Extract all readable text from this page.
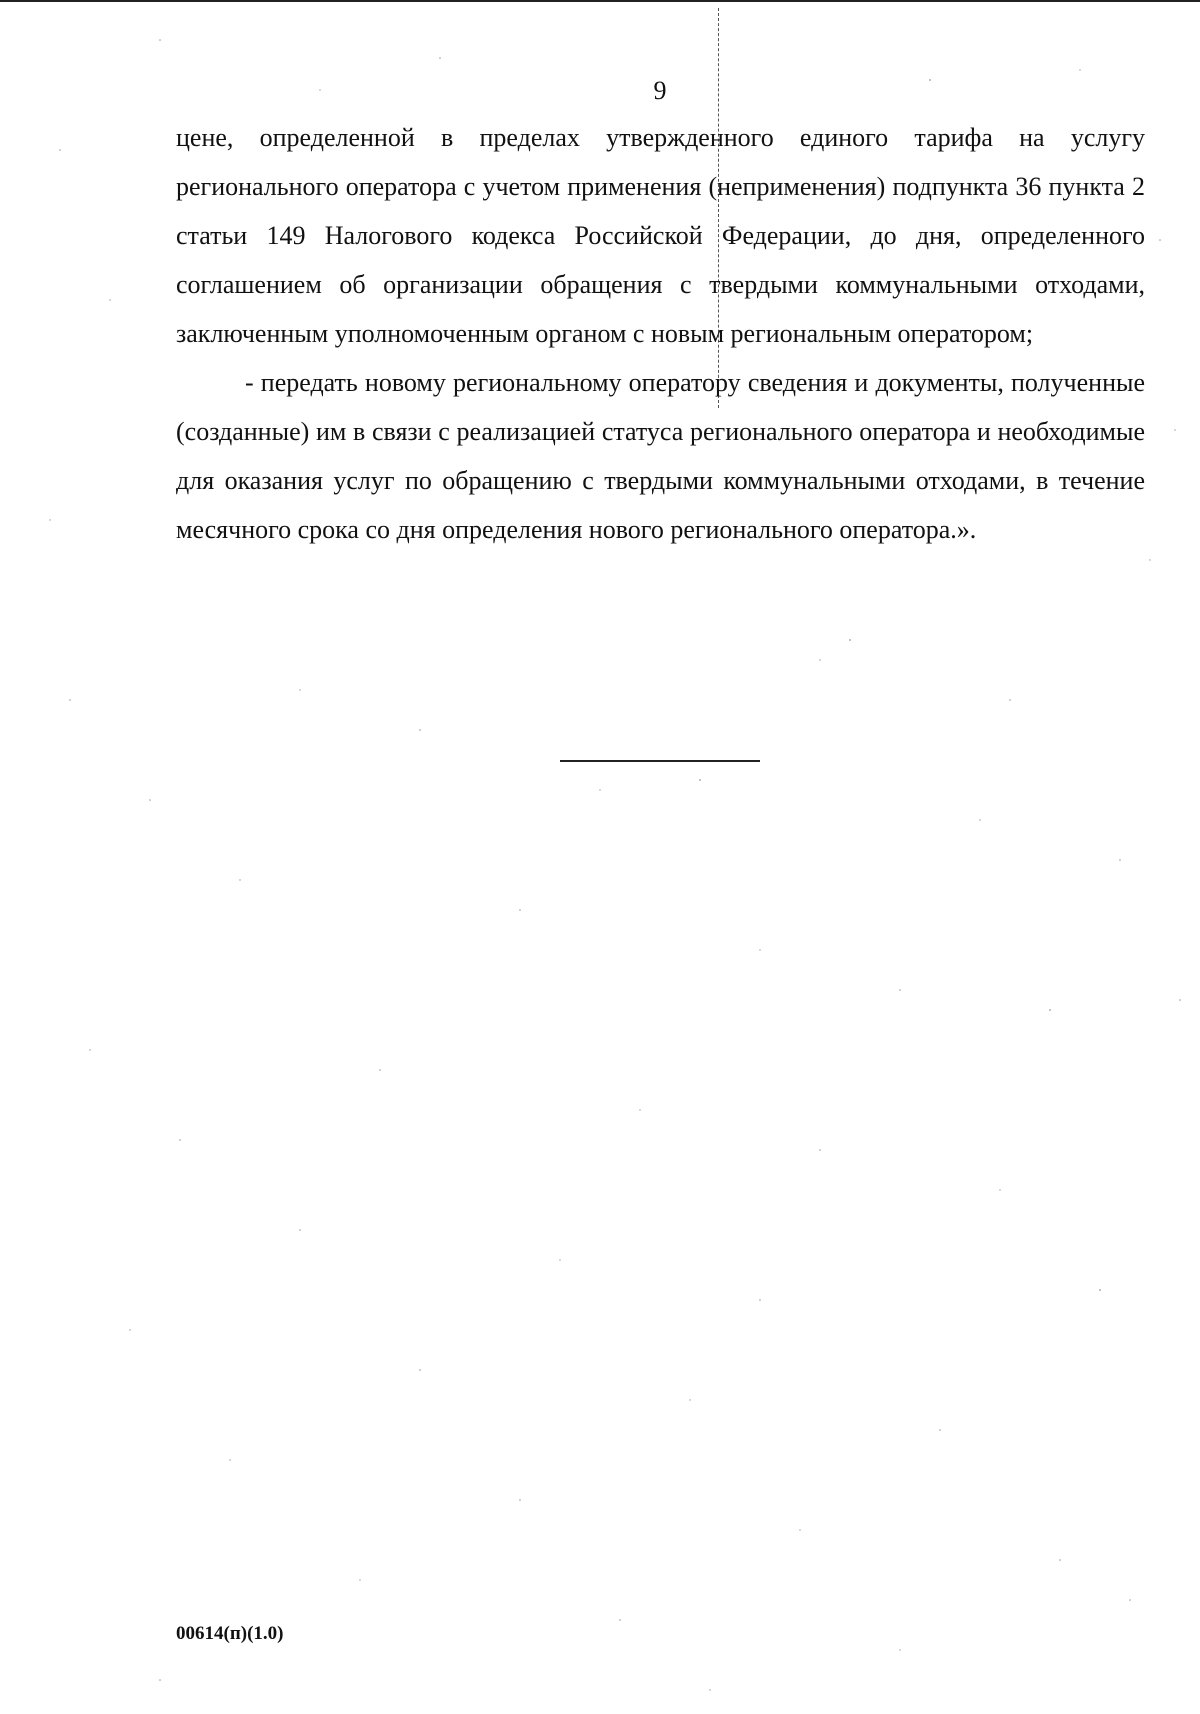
9

цене, определенной в пределах утвержденного единого тарифа на услугу регионального оператора с учетом применения (неприменения) подпункта 36 пункта 2 статьи 149 Налогового кодекса Российской Федерации, до дня, определенного соглашением об организации обращения с твердыми коммунальными отходами, заключенным уполномоченным органом с новым региональным оператором;

- передать новому региональному оператору сведения и документы, полученные (созданные) им в связи с реализацией статуса регионального оператора и необходимые для оказания услуг по обращению с твердыми коммунальными отходами, в течение месячного срока со дня определения нового регионального оператора.».

00614(п)(1.0)
